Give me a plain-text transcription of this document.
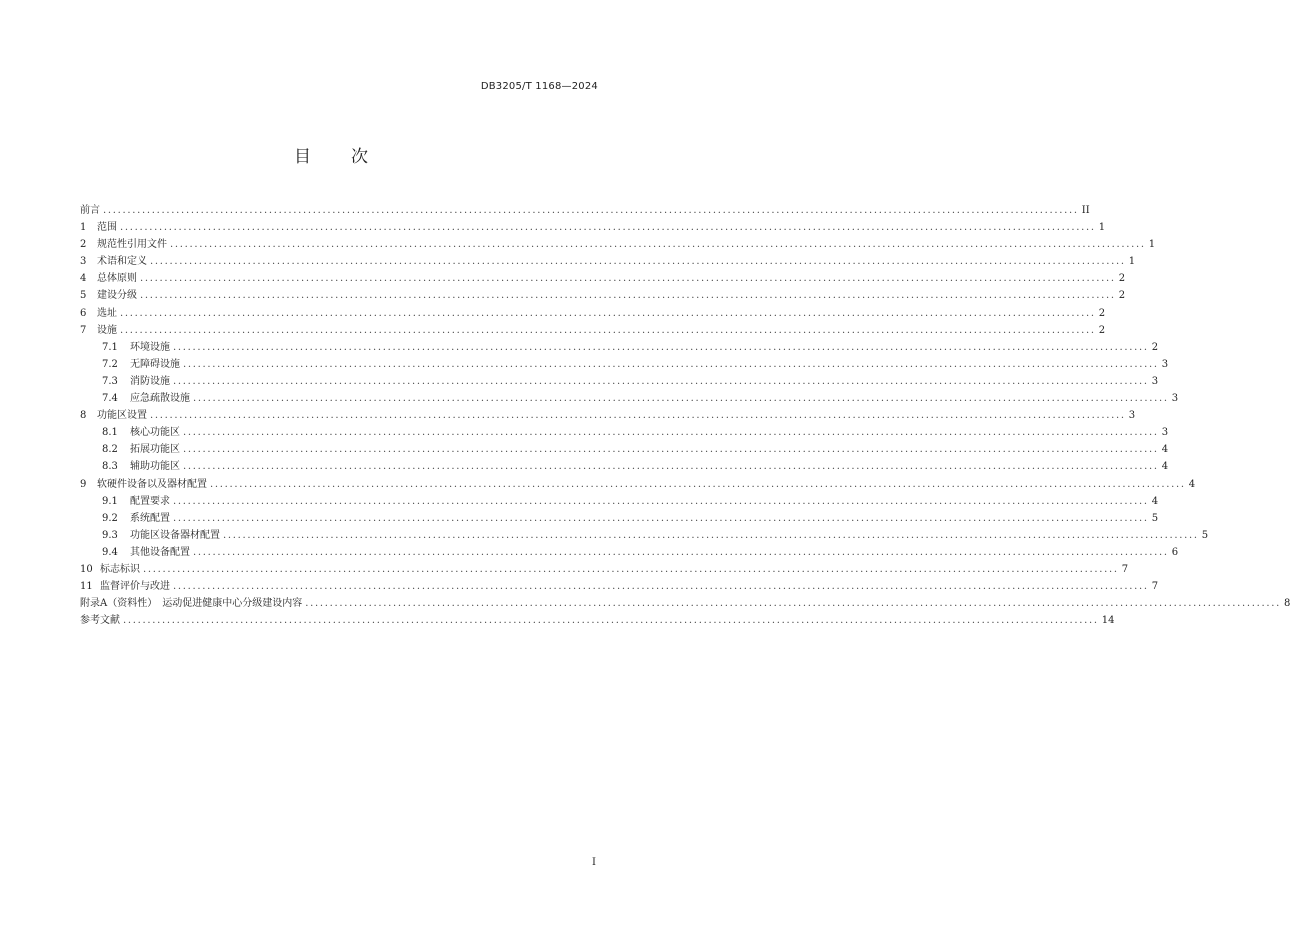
DB3205/T 1168—2024
目 次
前言 ........................................................................................................................................................................................................ II
1	范围 ........................................................................................................................................................................................................ 1
2	规范性引用文件 ........................................................................................................................................................................................................ 1
3	术语和定义 ........................................................................................................................................................................................................ 1
4	总体原则 ........................................................................................................................................................................................................ 2
5	建设分级 ........................................................................................................................................................................................................ 2
6	选址 ........................................................................................................................................................................................................ 2
7	设施 ........................................................................................................................................................................................................ 2
7.1	环境设施 ........................................................................................................................................................................................................ 2
7.2	无障碍设施 ........................................................................................................................................................................................................ 3
7.3	消防设施 ........................................................................................................................................................................................................ 3
7.4	应急疏散设施 ........................................................................................................................................................................................................ 3
8	功能区设置 ........................................................................................................................................................................................................ 3
8.1	核心功能区 ........................................................................................................................................................................................................ 3
8.2	拓展功能区 ........................................................................................................................................................................................................ 4
8.3	辅助功能区 ........................................................................................................................................................................................................ 4
9	软硬件设备以及器材配置 ........................................................................................................................................................................................................ 4
9.1	配置要求 ........................................................................................................................................................................................................ 4
9.2	系统配置 ........................................................................................................................................................................................................ 5
9.3	功能区设备器材配置 ........................................................................................................................................................................................................ 5
9.4	其他设备配置 ........................................................................................................................................................................................................ 6
10 标志标识 ........................................................................................................................................................................................................ 7
11 监督评价与改进 ........................................................................................................................................................................................................ 7
附录A（资料性）　运动促进健康中心分级建设内容 ........................................................................................................................................................................................................ 8
参考文献 ........................................................................................................................................................................................................ 14
I
